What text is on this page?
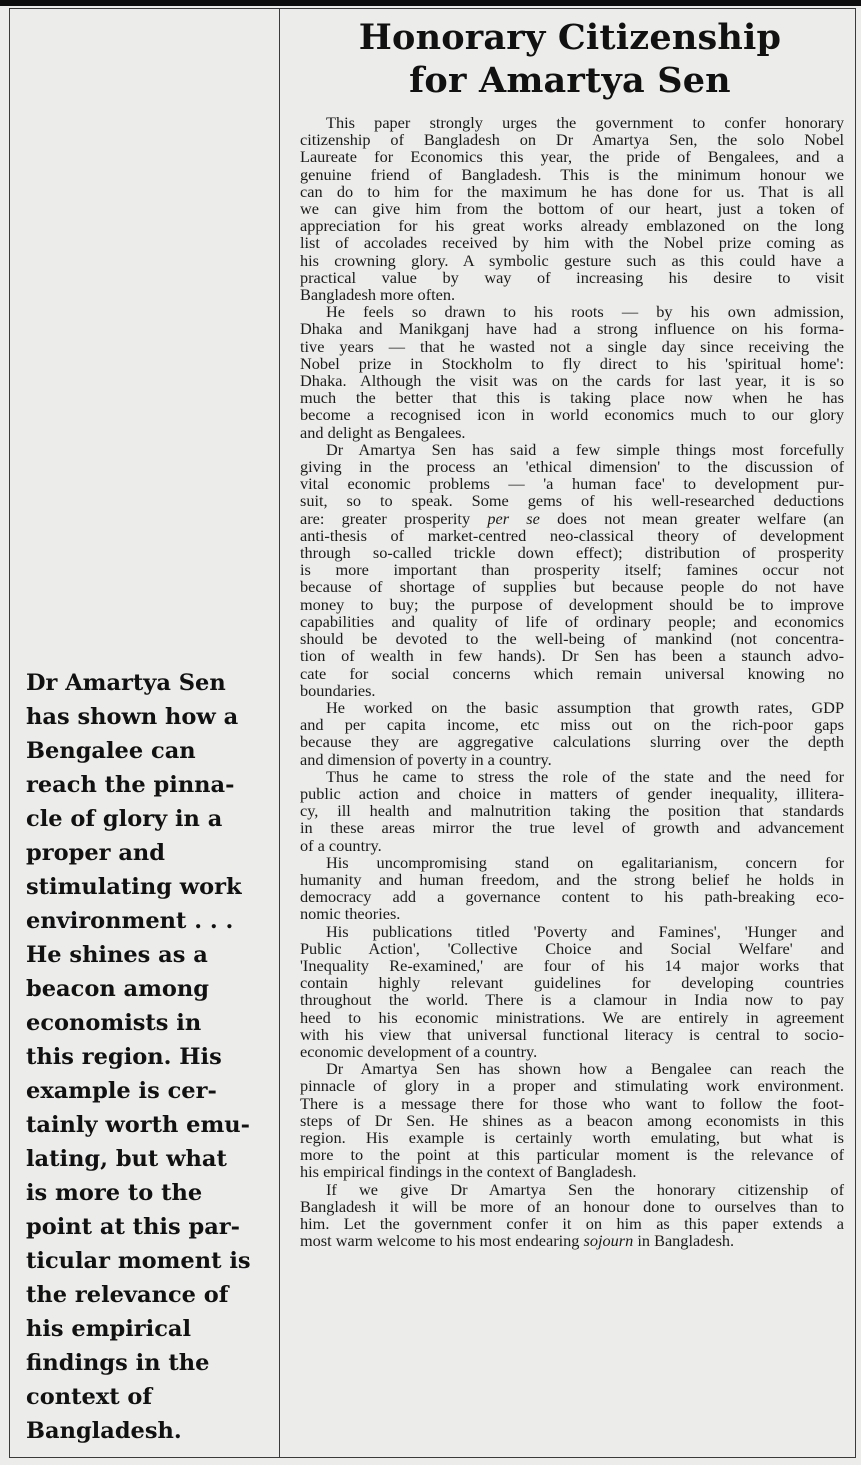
Honorary Citizenship
for Amartya Sen
Dr Amartya Sen
has shown how a
Bengalee can
reach the pinna-
cle of glory in a
proper and
stimulating work
environment . . .
He shines as a
beacon among
economists in
this region. His
example is cer-
tainly worth emu-
lating, but what
is more to the
point at this par-
ticular moment is
the relevance of
his empirical
findings in the
context of
Bangladesh.

This paper strongly urges the government to confer honorary
citizenship of Bangladesh on Dr Amartya Sen, the solo Nobel
Laureate for Economics this year, the pride of Bengalees, and a
genuine friend of Bangladesh. This is the minimum honour we
can do to him for the maximum he has done for us. That is all
we can give him from the bottom of our heart, just a token of
appreciation for his great works already emblazoned on the long
list of accolades received by him with the Nobel prize coming as
his crowning glory. A symbolic gesture such as this could have a
practical value by way of increasing his desire to visit
Bangladesh more often.

He feels so drawn to his roots — by his own admission,
Dhaka and Manikganj have had a strong influence on his forma-
tive years — that he wasted not a single day since receiving the
Nobel prize in Stockholm to fly direct to his 'spiritual home':
Dhaka. Although the visit was on the cards for last year, it is so
much the better that this is taking place now when he has
become a recognised icon in world economics much to our glory
and delight as Bengalees.

Dr Amartya Sen has said a few simple things most forcefully
giving in the process an 'ethical dimension' to the discussion of
vital economic problems — 'a human face' to development pur-
suit, so to speak. Some gems of his well-researched deductions
are: greater prosperity per se does not mean greater welfare (an
anti-thesis of market-centred neo-classical theory of development
through so-called trickle down effect); distribution of prosperity
is more important than prosperity itself; famines occur not
because of shortage of supplies but because people do not have
money to buy; the purpose of development should be to improve
capabilities and quality of life of ordinary people; and economics
should be devoted to the well-being of mankind (not concentra-
tion of wealth in few hands). Dr Sen has been a staunch advo-
cate for social concerns which remain universal knowing no
boundaries.

He worked on the basic assumption that growth rates, GDP
and per capita income, etc miss out on the rich-poor gaps
because they are aggregative calculations slurring over the depth
and dimension of poverty in a country.

Thus he came to stress the role of the state and the need for
public action and choice in matters of gender inequality, illitera-
cy, ill health and malnutrition taking the position that standards
in these areas mirror the true level of growth and advancement
of a country.

His uncompromising stand on egalitarianism, concern for
humanity and human freedom, and the strong belief he holds in
democracy add a governance content to his path-breaking eco-
nomic theories.

His publications titled 'Poverty and Famines', 'Hunger and
Public Action', 'Collective Choice and Social Welfare' and
'Inequality Re-examined,' are four of his 14 major works that
contain highly relevant guidelines for developing countries
throughout the world. There is a clamour in India now to pay
heed to his economic ministrations. We are entirely in agreement
with his view that universal functional literacy is central to socio-
economic development of a country.

Dr Amartya Sen has shown how a Bengalee can reach the
pinnacle of glory in a proper and stimulating work environment.
There is a message there for those who want to follow the foot-
steps of Dr Sen. He shines as a beacon among economists in this
region. His example is certainly worth emulating, but what is
more to the point at this particular moment is the relevance of
his empirical findings in the context of Bangladesh.

If we give Dr Amartya Sen the honorary citizenship of
Bangladesh it will be more of an honour done to ourselves than to
him. Let the government confer it on him as this paper extends a
most warm welcome to his most endearing sojourn in Bangladesh.
